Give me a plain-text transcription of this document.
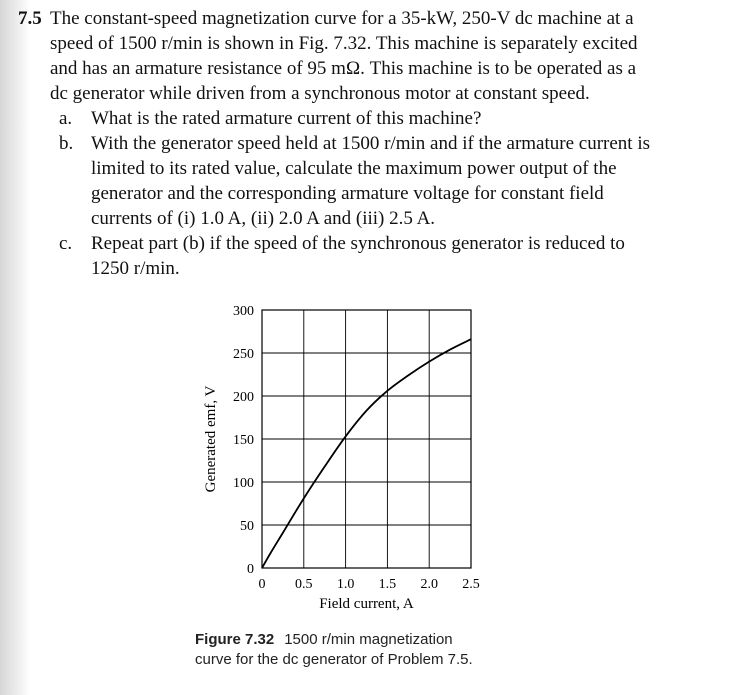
7.5 The constant-speed magnetization curve for a 35-kW, 250-V dc machine at a
speed of 1500 r/min is shown in Fig. 7.32. This machine is separately excited
and has an armature resistance of 95 mΩ. This machine is to be operated as a
dc generator while driven from a synchronous motor at constant speed.

a. What is the rated armature current of this machine?

b. With the generator speed held at 1500 r/min and if the armature current is
limited to its rated value, calculate the maximum power output of the
generator and the corresponding armature voltage for constant field
currents of (i) 1.0 A, (ii) 2.0 A and (iii) 2.5 A.

c. Repeat part (b) if the speed of the synchronous generator is reduced to
1250 r/min.

0
50
100
150
200
250
300
0 0.5 1.0 1.5 2.0 2.5
Field current, A
Generated emf, V
Figure 7.32 1500 r/min magnetization
curve for the dc generator of Problem 7.5.
